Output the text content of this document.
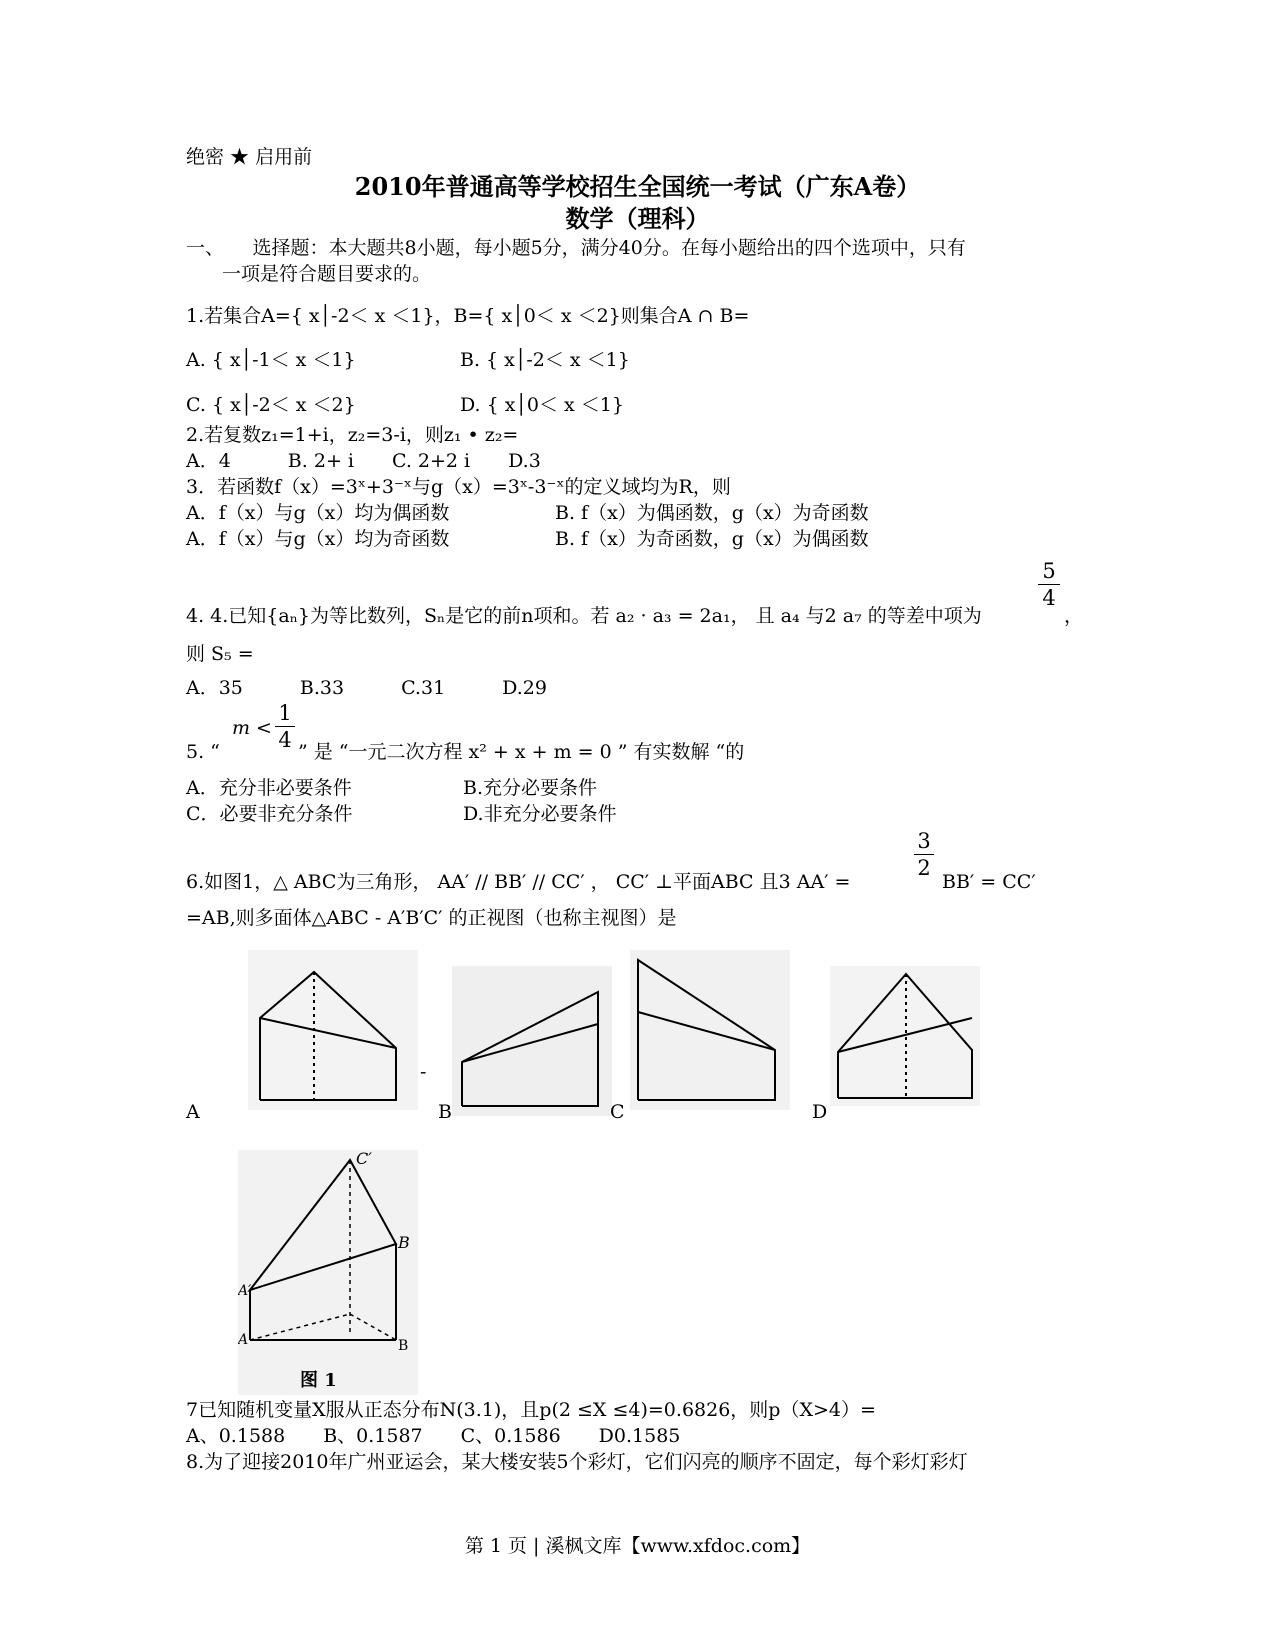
绝密 ★ 启用前
2010年普通高等学校招生全国统一考试（广东A卷）
数学（理科）
一、　　选择题：本大题共8小题，每小题5分，满分40分。在每小题给出的四个选项中，只有
一项是符合题目要求的。
1.若集合A={ x│-2＜ x ＜1}，B={ x│0＜ x ＜2}则集合A ∩ B=
A. { x│-1＜ x ＜1}	B. { x│-2＜ x ＜1}
C. { x│-2＜ x ＜2}	D. { x│0＜ x ＜1}
2.若复数z₁=1+i，z₂=3-i，则z₁ • z₂=
A．4　　　B. 2+ i　　C. 2+2 i　　D.3
3．若函数f（x）=3ˣ+3⁻ˣ与g（x）=3ˣ-3⁻ˣ的定义域均为R，则
A．f（x）与g（x）均为偶函数	B. f（x）为偶函数，g（x）为奇函数
A．f（x）与g（x）均为奇函数	B. f（x）为奇函数，g（x）为偶函数
$\frac{5}{4}$
4. 4.已知{aₙ}为等比数列，Sₙ是它的前n项和。若 a₂ · a₃ = 2a₁， 且 a₄ 与2 a₇ 的等差中项为	，
则 S₅ =
A．35　　　B.33　　　C.31　　　D.29
5. “
$m < \frac{1}{4}$ ” 是 “一元二次方程 x² + x + m = 0 ” 有实数解 “的
A．充分非必要条件	B.充分必要条件
C．必要非充分条件	D.非充分必要条件
6.如图1，△ ABC为三角形， AA′ // BB′ // CC′ ， CC′ ⊥平面ABC 且3 AA′ =
$\frac{3}{2}$
BB′ = CC′
=AB,则多面体△ABC - A′B′C′ 的正视图（也称主视图）是
A
-
B	C	D
C′
B
A′
A	B
图 1
7已知随机变量X服从正态分布N(3.1)，且p(2 ≤X ≤4)=0.6826，则p（X>4）=
A、0.1588　　B、0.1587　　C、0.1586　　D0.1585
8.为了迎接2010年广州亚运会，某大楼安装5个彩灯，它们闪亮的顺序不固定，每个彩灯彩灯
第 1 页 | 溪枫文库【www.xfdoc.com】
